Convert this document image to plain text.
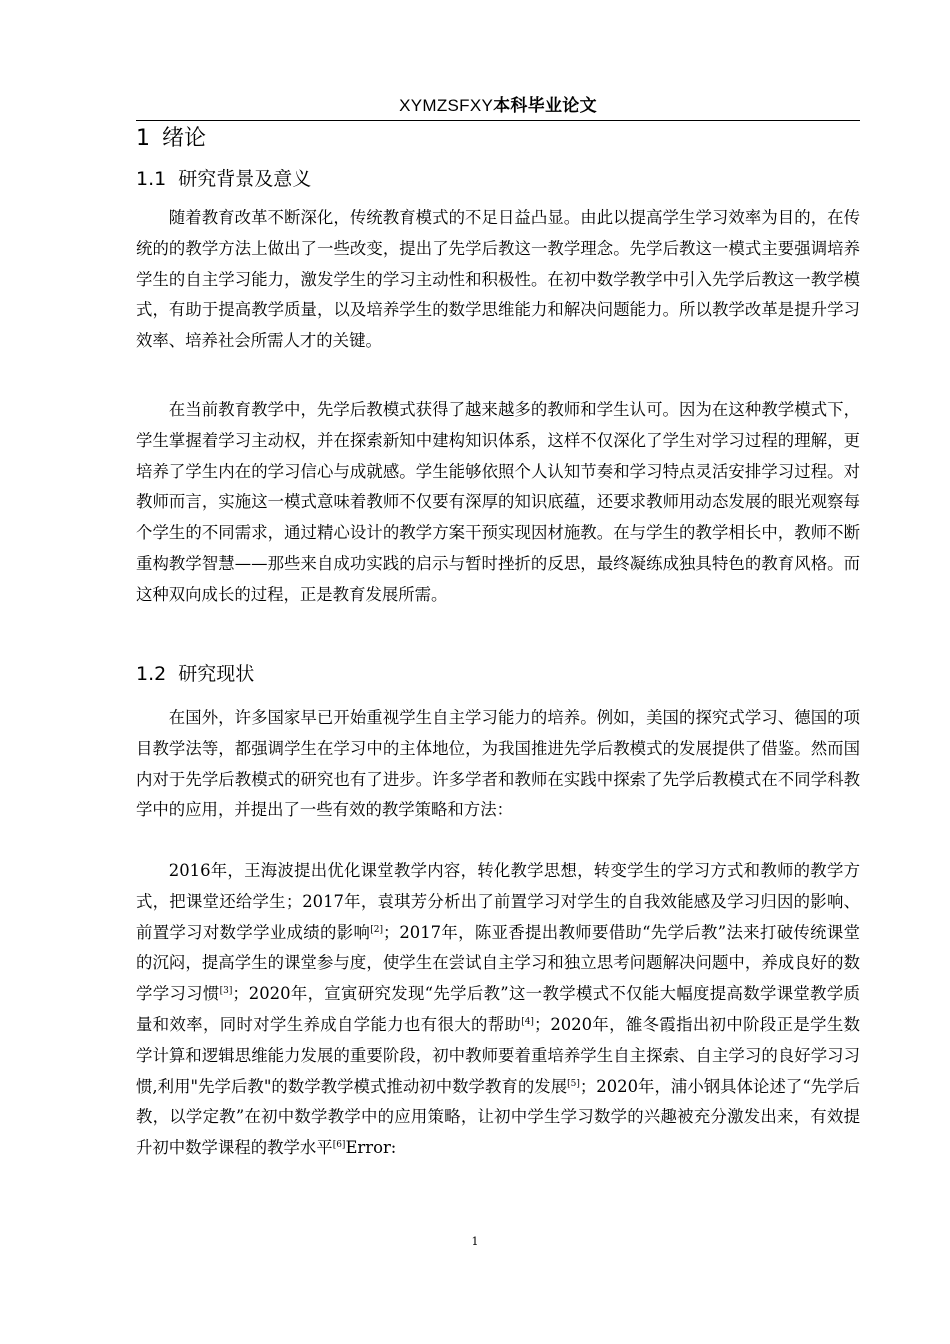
XYMZSFXY本科毕业论文
1 绪论
1.1 研究背景及意义

随着教育改革不断深化，传统教育模式的不足日益凸显。由此以提高学生学习效率为目的，在传统的的教学方法上做出了一些改变，提出了先学后教这一教学理念。先学后教这一模式主要强调培养学生的自主学习能力，激发学生的学习主动性和积极性。在初中数学教学中引入先学后教这一教学模式，有助于提高教学质量，以及培养学生的数学思维能力和解决问题能力。所以教学改革是提升学习效率、培养社会所需人才的关键。

在当前教育教学中，先学后教模式获得了越来越多的教师和学生认可。因为在这种教学模式下，学生掌握着学习主动权，并在探索新知中建构知识体系，这样不仅深化了学生对学习过程的理解，更培养了学生内在的学习信心与成就感。学生能够依照个人认知节奏和学习特点灵活安排学习过程。对教师而言，实施这一模式意味着教师不仅要有深厚的知识底蕴，还要求教师用动态发展的眼光观察每个学生的不同需求，通过精心设计的教学方案干预实现因材施教。在与学生的教学相长中，教师不断重构教学智慧——那些来自成功实践的启示与暂时挫折的反思，最终凝练成独具特色的教育风格。而这种双向成长的过程，正是教育发展所需。

1.2 研究现状

在国外，许多国家早已开始重视学生自主学习能力的培养。例如，美国的探究式学习、德国的项目教学法等，都强调学生在学习中的主体地位，为我国推进先学后教模式的发展提供了借鉴。然而国内对于先学后教模式的研究也有了进步。许多学者和教师在实践中探索了先学后教模式在不同学科教学中的应用，并提出了一些有效的教学策略和方法：

2016年，王海波提出优化课堂教学内容，转化教学思想，转变学生的学习方式和教师的教学方式，把课堂还给学生；2017年，袁琪芳分析出了前置学习对学生的自我效能感及学习归因的影响、前置学习对数学学业成绩的影响[2]；2017年，陈亚香提出教师要借助“先学后教”法来打破传统课堂的沉闷，提高学生的课堂参与度，使学生在尝试自主学习和独立思考问题解决问题中，养成良好的数学学习习惯[3]；2020年，宣寅研究发现“先学后教”这一教学模式不仅能大幅度提高数学课堂教学质量和效率，同时对学生养成自学能力也有很大的帮助[4]；2020年，雒冬霞指出初中阶段正是学生数学计算和逻辑思维能力发展的重要阶段，初中教师要着重培养学生自主探索、自主学习的良好学习习惯,利用"先学后教"的数学教学模式推动初中数学教育的发展[5]；2020年，浦小钢具体论述了“先学后教，以学定教”在初中数学教学中的应用策略，让初中学生学习数学的兴趣被充分激发出来，有效提升初中数学课程的教学水平[6]Error:

1
